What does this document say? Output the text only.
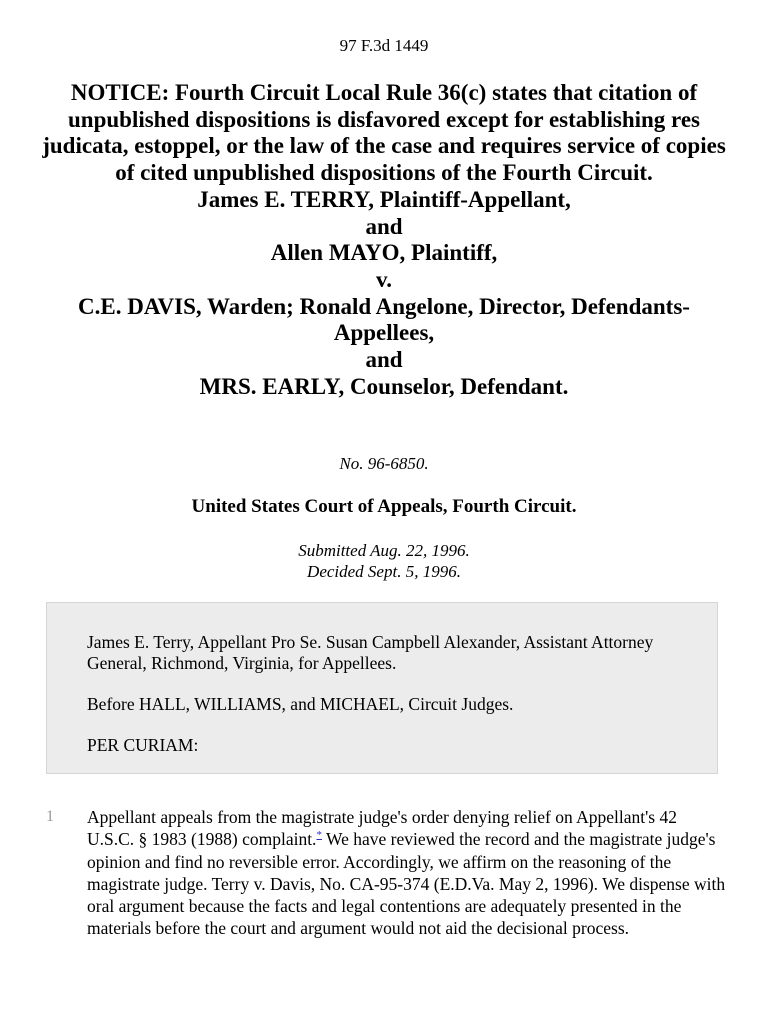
97 F.3d 1449
NOTICE: Fourth Circuit Local Rule 36(c) states that citation of unpublished dispositions is disfavored except for establishing res judicata, estoppel, or the law of the case and requires service of copies of cited unpublished dispositions of the Fourth Circuit.
James E. TERRY, Plaintiff-Appellant,
and
Allen MAYO, Plaintiff,
v.
C.E. DAVIS, Warden; Ronald Angelone, Director, Defendants-Appellees,
and
MRS. EARLY, Counselor, Defendant.
No. 96-6850.
United States Court of Appeals, Fourth Circuit.
Submitted Aug. 22, 1996.
Decided Sept. 5, 1996.

James E. Terry, Appellant Pro Se. Susan Campbell Alexander, Assistant Attorney General, Richmond, Virginia, for Appellees.

Before HALL, WILLIAMS, and MICHAEL, Circuit Judges.

PER CURIAM:

1 Appellant appeals from the magistrate judge's order denying relief on Appellant's 42 U.S.C. § 1983 (1988) complaint.* We have reviewed the record and the magistrate judge's opinion and find no reversible error. Accordingly, we affirm on the reasoning of the magistrate judge. Terry v. Davis, No. CA-95-374 (E.D.Va. May 2, 1996). We dispense with oral argument because the facts and legal contentions are adequately presented in the materials before the court and argument would not aid the decisional process.
